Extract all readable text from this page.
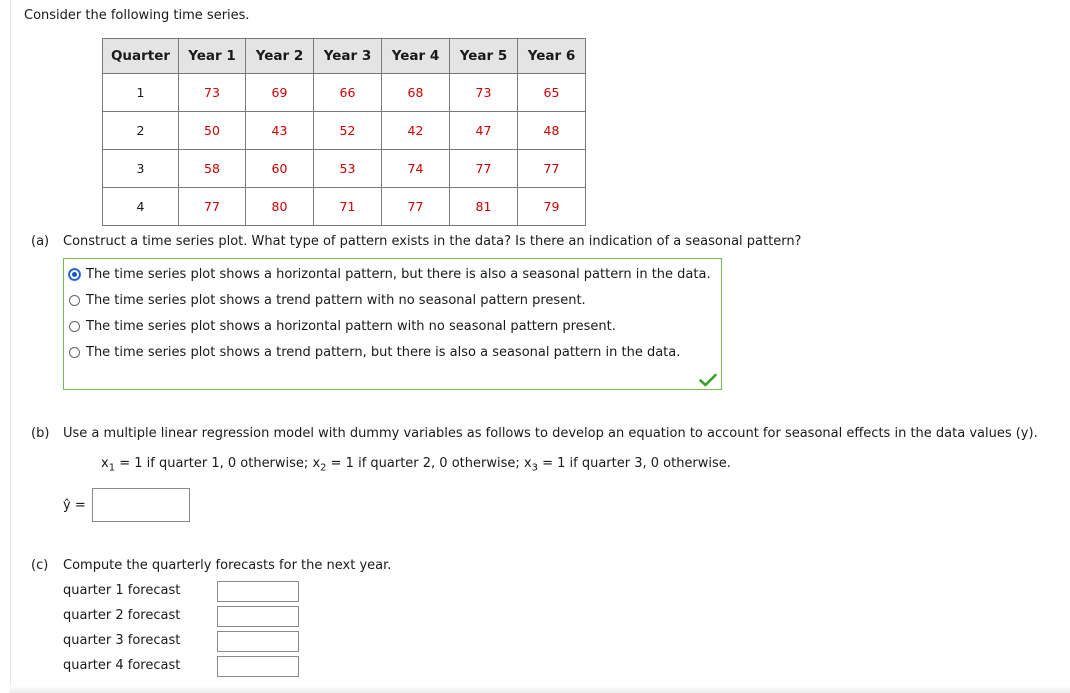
Consider the following time series.
Quarter	Year 1	Year 2	Year 3	Year 4	Year 5	Year 6
1	73	69	66	68	73	65
2	50	43	52	42	47	48
3	58	60	53	74	77	77
4	77	80	71	77	81	79
(a) Construct a time series plot. What type of pattern exists in the data? Is there an indication of a seasonal pattern?
The time series plot shows a horizontal pattern, but there is also a seasonal pattern in the data.
The time series plot shows a trend pattern with no seasonal pattern present.
The time series plot shows a horizontal pattern with no seasonal pattern present.
The time series plot shows a trend pattern, but there is also a seasonal pattern in the data.
(b) Use a multiple linear regression model with dummy variables as follows to develop an equation to account for seasonal effects in the data values (y).
$x_1 = 1$ if quarter 1, 0 otherwise; $x_2 = 1$ if quarter 2, 0 otherwise; $x_3 = 1$ if quarter 3, 0 otherwise.
ŷ =
(c) Compute the quarterly forecasts for the next year.
quarter 1 forecast
quarter 2 forecast
quarter 3 forecast
quarter 4 forecast
